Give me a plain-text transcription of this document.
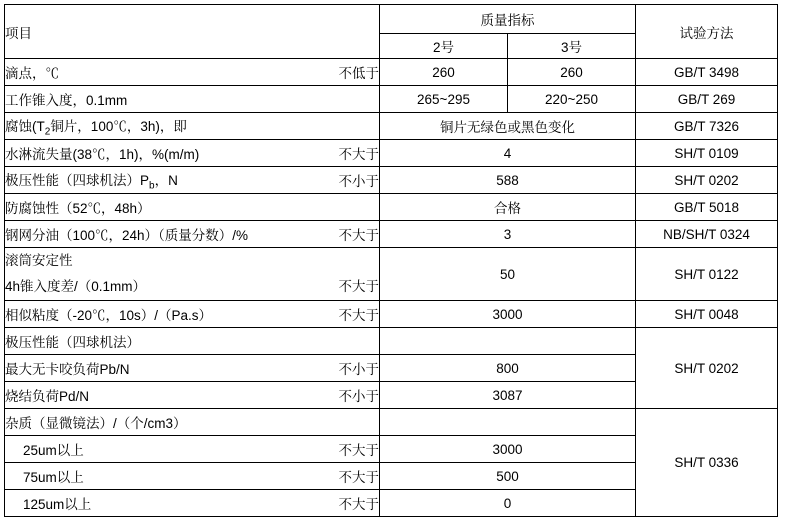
项目	质量指标		试验方法
	2号	3号	

滴点，℃ 不低于	260	260	GB/T 3498

工作锥入度，0.1mm	265~295	220~250	GB/T 269

腐蚀($T_2$铜片，100℃，3h)，即	铜片无绿色或黑色变化		GB/T 7326

水淋流失量(38℃，1h)，%(m/m) 不大于	4		SH/T 0109

极压性能（四球机法）$P_b$，N 不小于	588		SH/T 0202

防腐蚀性（52℃，48h）	合格		GB/T 5018

钢网分油（100℃，24h）（质量分数）/% 不大于	3		NB/SH/T 0324

滚筒安定性
4h锥入度差/（0.1mm） 不大于	50		SH/T 0122

相似粘度（-20℃，10s）/（Pa.s） 不大于	3000		SH/T 0048

极压性能（四球机法）			SH/T 0202

最大无卡咬负荷Pb/N 不小于	800		

烧结负荷Pd/N 不小于	3087		

杂质（显微镜法）/（个/cm3）			SH/T 0336

25um以上 不大于	3000		

75um以上 不大于	500		

125um以上 不大于	0		
